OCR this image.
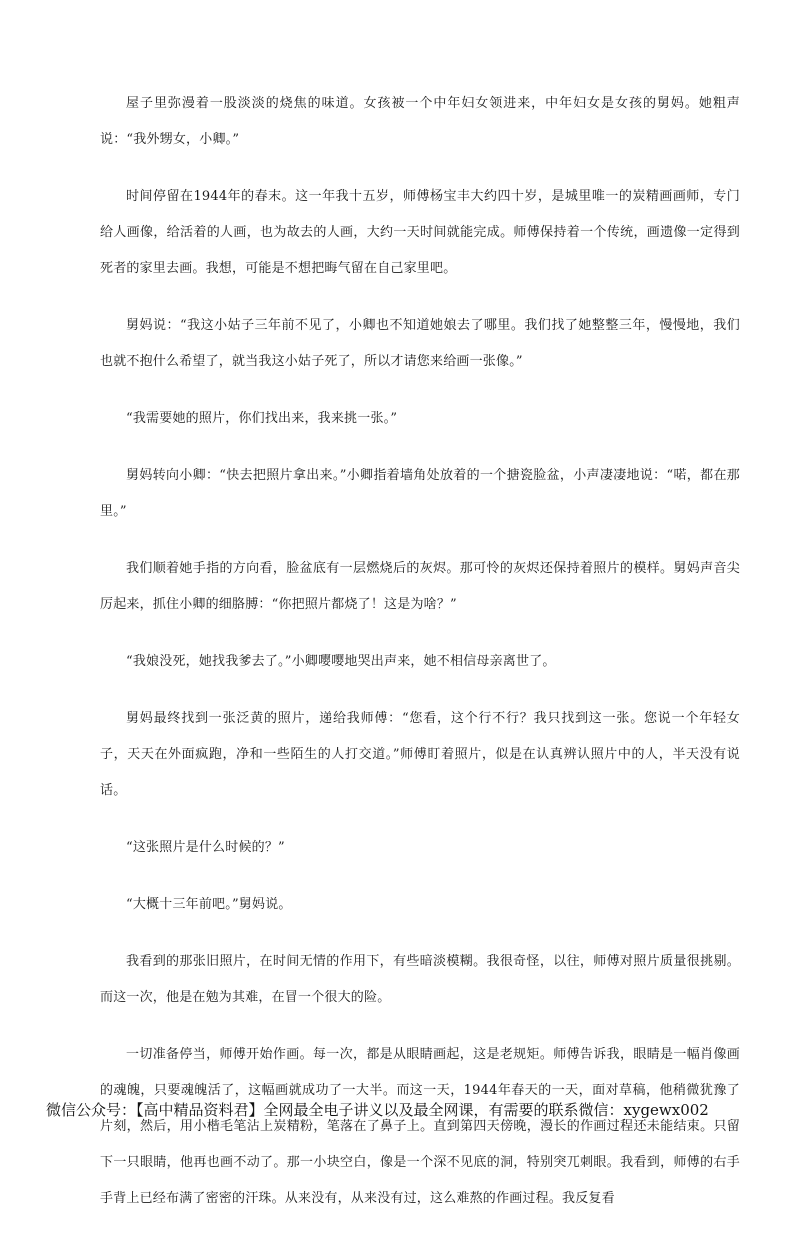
屋子里弥漫着一股淡淡的烧焦的味道。女孩被一个中年妇女领进来，中年妇女是女孩的舅妈。她粗声说：“我外甥女，小卿。”

时间停留在1944年的春末。这一年我十五岁，师傅杨宝丰大约四十岁，是城里唯一的炭精画画师，专门给人画像，给活着的人画，也为故去的人画，大约一天时间就能完成。师傅保持着一个传统，画遗像一定得到死者的家里去画。我想，可能是不想把晦气留在自己家里吧。

舅妈说：“我这小姑子三年前不见了，小卿也不知道她娘去了哪里。我们找了她整整三年，慢慢地，我们也就不抱什么希望了，就当我这小姑子死了，所以才请您来给画一张像。”

“我需要她的照片，你们找出来，我来挑一张。”

舅妈转向小卿：“快去把照片拿出来。”小卿指着墙角处放着的一个搪瓷脸盆，小声凄凄地说：“喏，都在那里。”

我们顺着她手指的方向看，脸盆底有一层燃烧后的灰烬。那可怜的灰烬还保持着照片的模样。舅妈声音尖厉起来，抓住小卿的细胳膊：“你把照片都烧了！这是为啥？”

“我娘没死，她找我爹去了。”小卿嘤嘤地哭出声来，她不相信母亲离世了。

舅妈最终找到一张泛黄的照片，递给我师傅：“您看，这个行不行？我只找到这一张。您说一个年轻女子，天天在外面疯跑，净和一些陌生的人打交道。”师傅盯着照片，似是在认真辨认照片中的人，半天没有说话。

“这张照片是什么时候的？”

“大概十三年前吧。”舅妈说。

我看到的那张旧照片，在时间无情的作用下，有些暗淡模糊。我很奇怪，以往，师傅对照片质量很挑剔。而这一次，他是在勉为其难，在冒一个很大的险。

一切准备停当，师傅开始作画。每一次，都是从眼睛画起，这是老规矩。师傅告诉我，眼睛是一幅肖像画的魂魄，只要魂魄活了，这幅画就成功了一大半。而这一天，1944年春天的一天，面对草稿，他稍微犹豫了片刻，然后，用小楷毛笔沾上炭精粉，笔落在了鼻子上。直到第四天傍晚，漫长的作画过程还未能结束。只留下一只眼睛，他再也画不动了。那一小块空白，像是一个深不见底的洞，特别突兀刺眼。我看到，师傅的右手手背上已经布满了密密的汗珠。从来没有，从来没有过，这么难熬的作画过程。我反复看

微信公众号：【高中精品资料君】全网最全电子讲义以及最全网课，有需要的联系微信：xygewx002
